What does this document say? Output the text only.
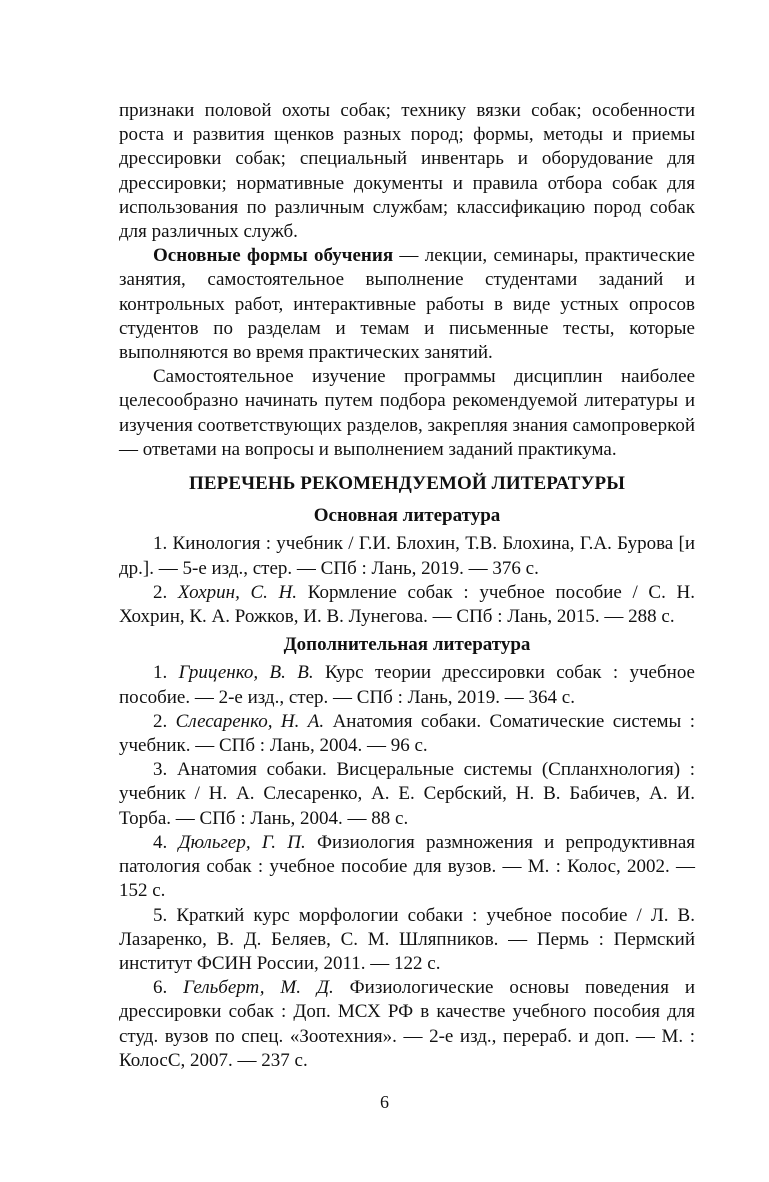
признаки половой охоты собак; технику вязки собак; особенности роста и развития щенков разных пород; формы, методы и приемы дрессировки собак; специальный инвентарь и оборудование для дрессировки; нормативные документы и правила отбора собак для использования по различным службам; классификацию пород собак для различных служб.

Основные формы обучения — лекции, семинары, практические занятия, самостоятельное выполнение студентами заданий и контрольных работ, интерактивные работы в виде устных опросов студентов по разделам и темам и письменные тесты, которые выполняются во время практических занятий.

Самостоятельное изучение программы дисциплин наиболее целесообразно начинать путем подбора рекомендуемой литературы и изучения соответствующих разделов, закрепляя знания самопроверкой — ответами на вопросы и выполнением заданий практикума.

ПЕРЕЧЕНЬ РЕКОМЕНДУЕМОЙ ЛИТЕРАТУРЫ
Основная литература

1. Кинология : учебник / Г.И. Блохин, Т.В. Блохина, Г.А. Бурова [и др.]. — 5-е изд., стер. — СПб : Лань, 2019. — 376 с.

2. Хохрин, С. Н. Кормление собак : учебное пособие / С. Н. Хохрин, К. А. Рожков, И. В. Лунегова. — СПб : Лань, 2015. — 288 с.

Дополнительная литература

1. Гриценко, В. В. Курс теории дрессировки собак : учебное пособие. — 2-е изд., стер. — СПб : Лань, 2019. — 364 с.

2. Слесаренко, Н. А. Анатомия собаки. Соматические системы : учебник. — СПб : Лань, 2004. — 96 с.

3. Анатомия собаки. Висцеральные системы (Спланхнология) : учебник / Н. А. Слесаренко, А. Е. Сербский, Н. В. Бабичев, А. И. Торба. — СПб : Лань, 2004. — 88 с.

4. Дюльгер, Г. П. Физиология размножения и репродуктивная патология собак : учебное пособие для вузов. — М. : Колос, 2002. — 152 с.

5. Краткий курс морфологии собаки : учебное пособие / Л. В. Лазаренко, В. Д. Беляев, С. М. Шляпников. — Пермь : Пермский институт ФСИН России, 2011. — 122 с.

6. Гельберт, М. Д. Физиологические основы поведения и дрессировки собак : Доп. МСХ РФ в качестве учебного пособия для студ. вузов по спец. «Зоотехния». — 2-е изд., перераб. и доп. — М. : КолосС, 2007. — 237 с.

6
